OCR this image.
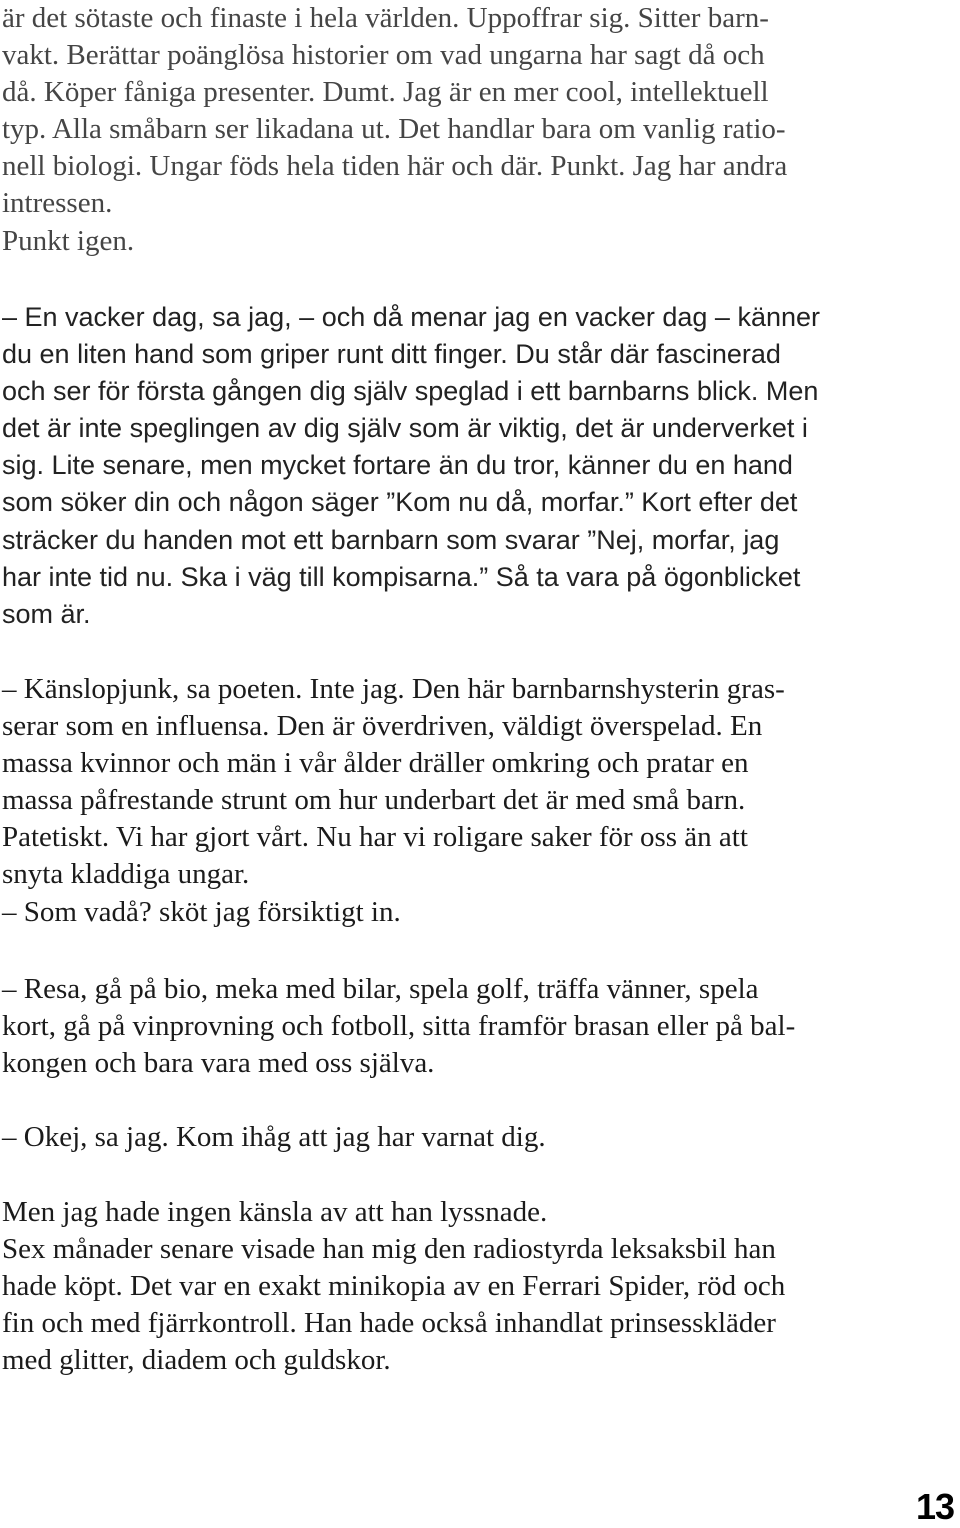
är det sötaste och finaste i hela världen. Uppoffrar sig. Sitter barn-
vakt. Berättar poänglösa historier om vad ungarna har sagt då och
då. Köper fåniga presenter. Dumt. Jag är en mer cool, intellektuell
typ. Alla småbarn ser likadana ut. Det handlar bara om vanlig ratio-
nell biologi. Ungar föds hela tiden här och där. Punkt. Jag har andra
intressen.
Punkt igen.
– En vacker dag, sa jag, – och då menar jag en vacker dag – känner
du en liten hand som griper runt ditt finger. Du står där fascinerad
och ser för första gången dig själv speglad i ett barnbarns blick. Men
det är inte speglingen av dig själv som är viktig, det är underverket i
sig. Lite senare, men mycket fortare än du tror, känner du en hand
som söker din och någon säger ”Kom nu då, morfar.” Kort efter det
sträcker du handen mot ett barnbarn som svarar ”Nej, morfar, jag
har inte tid nu. Ska i väg till kompisarna.” Så ta vara på ögonblicket
som är.
– Känslopjunk, sa poeten. Inte jag. Den här barnbarnshysterin gras-
serar som en influensa. Den är överdriven, väldigt överspelad. En
massa kvinnor och män i vår ålder dräller omkring och pratar en
massa påfrestande strunt om hur underbart det är med små barn.
Patetiskt. Vi har gjort vårt. Nu har vi roligare saker för oss än att
snyta kladdiga ungar.
– Som vadå? sköt jag försiktigt in.
– Resa, gå på bio, meka med bilar, spela golf, träffa vänner, spela
kort, gå på vinprovning och fotboll, sitta framför brasan eller på bal-
kongen och bara vara med oss själva.
– Okej, sa jag. Kom ihåg att jag har varnat dig.
Men jag hade ingen känsla av att han lyssnade.
Sex månader senare visade han mig den radiostyrda leksaksbil han
hade köpt. Det var en exakt minikopia av en Ferrari Spider, röd och
fin och med fjärrkontroll. Han hade också inhandlat prinsesskläder
med glitter, diadem och guldskor.
13
